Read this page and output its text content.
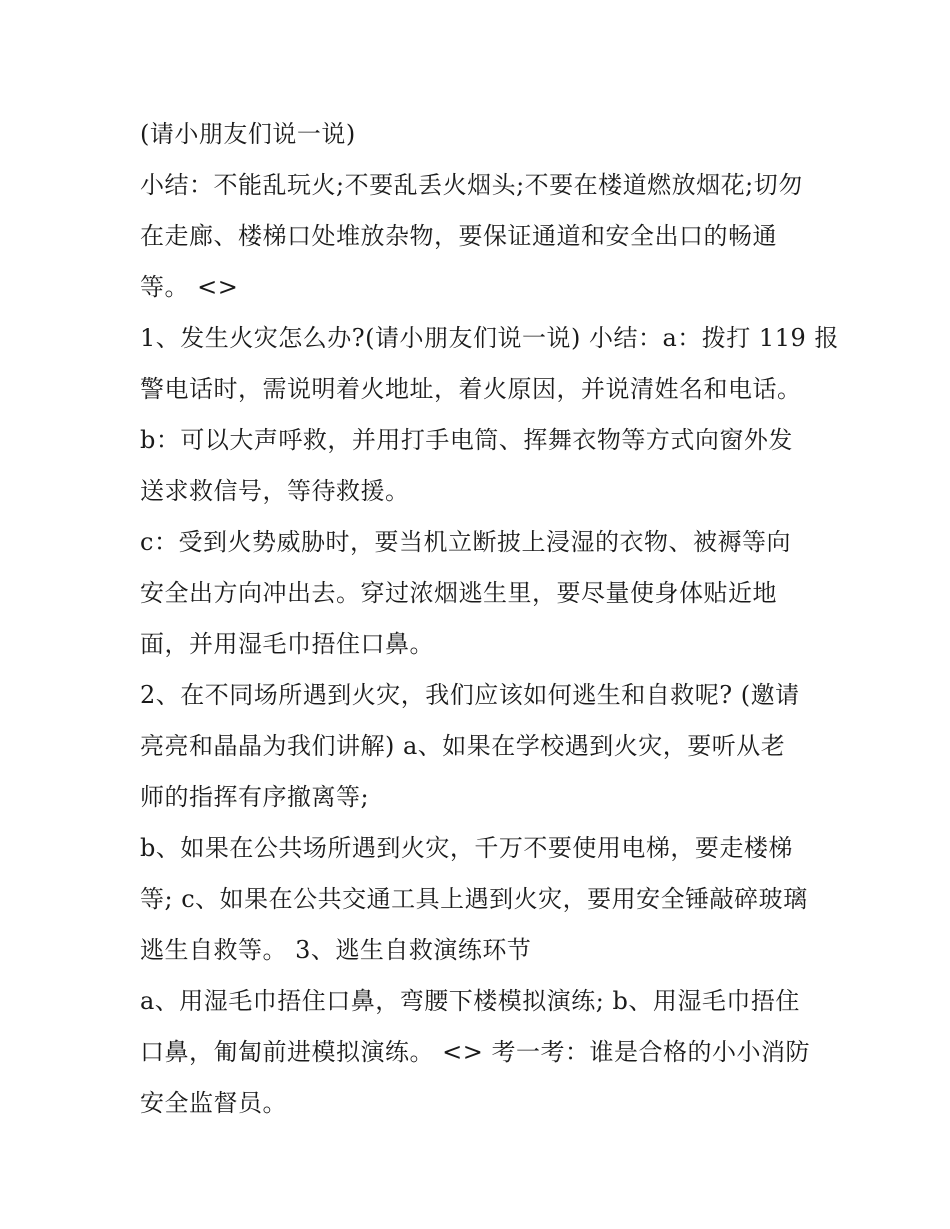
(请小朋友们说一说)

小结：不能乱玩火;不要乱丢火烟头;不要在楼道燃放烟花;切勿
在走廊、楼梯口处堆放杂物，要保证通道和安全出口的畅通
等。 <>

1、发生火灾怎么办?(请小朋友们说一说) 小结：a：拨打 119 报
警电话时，需说明着火地址，着火原因，并说清姓名和电话。

b：可以大声呼救，并用打手电筒、挥舞衣物等方式向窗外发
送求救信号，等待救援。

c：受到火势威胁时，要当机立断披上浸湿的衣物、被褥等向
安全出方向冲出去。穿过浓烟逃生里，要尽量使身体贴近地
面，并用湿毛巾捂住口鼻。

2、在不同场所遇到火灾，我们应该如何逃生和自救呢? (邀请
亮亮和晶晶为我们讲解) a、如果在学校遇到火灾，要听从老
师的指挥有序撤离等;

b、如果在公共场所遇到火灾，千万不要使用电梯，要走楼梯
等; c、如果在公共交通工具上遇到火灾，要用安全锤敲碎玻璃
逃生自救等。 3、逃生自救演练环节

a、用湿毛巾捂住口鼻，弯腰下楼模拟演练; b、用湿毛巾捂住
口鼻，匍匐前进模拟演练。 <> 考一考：谁是合格的小小消防
安全监督员。
